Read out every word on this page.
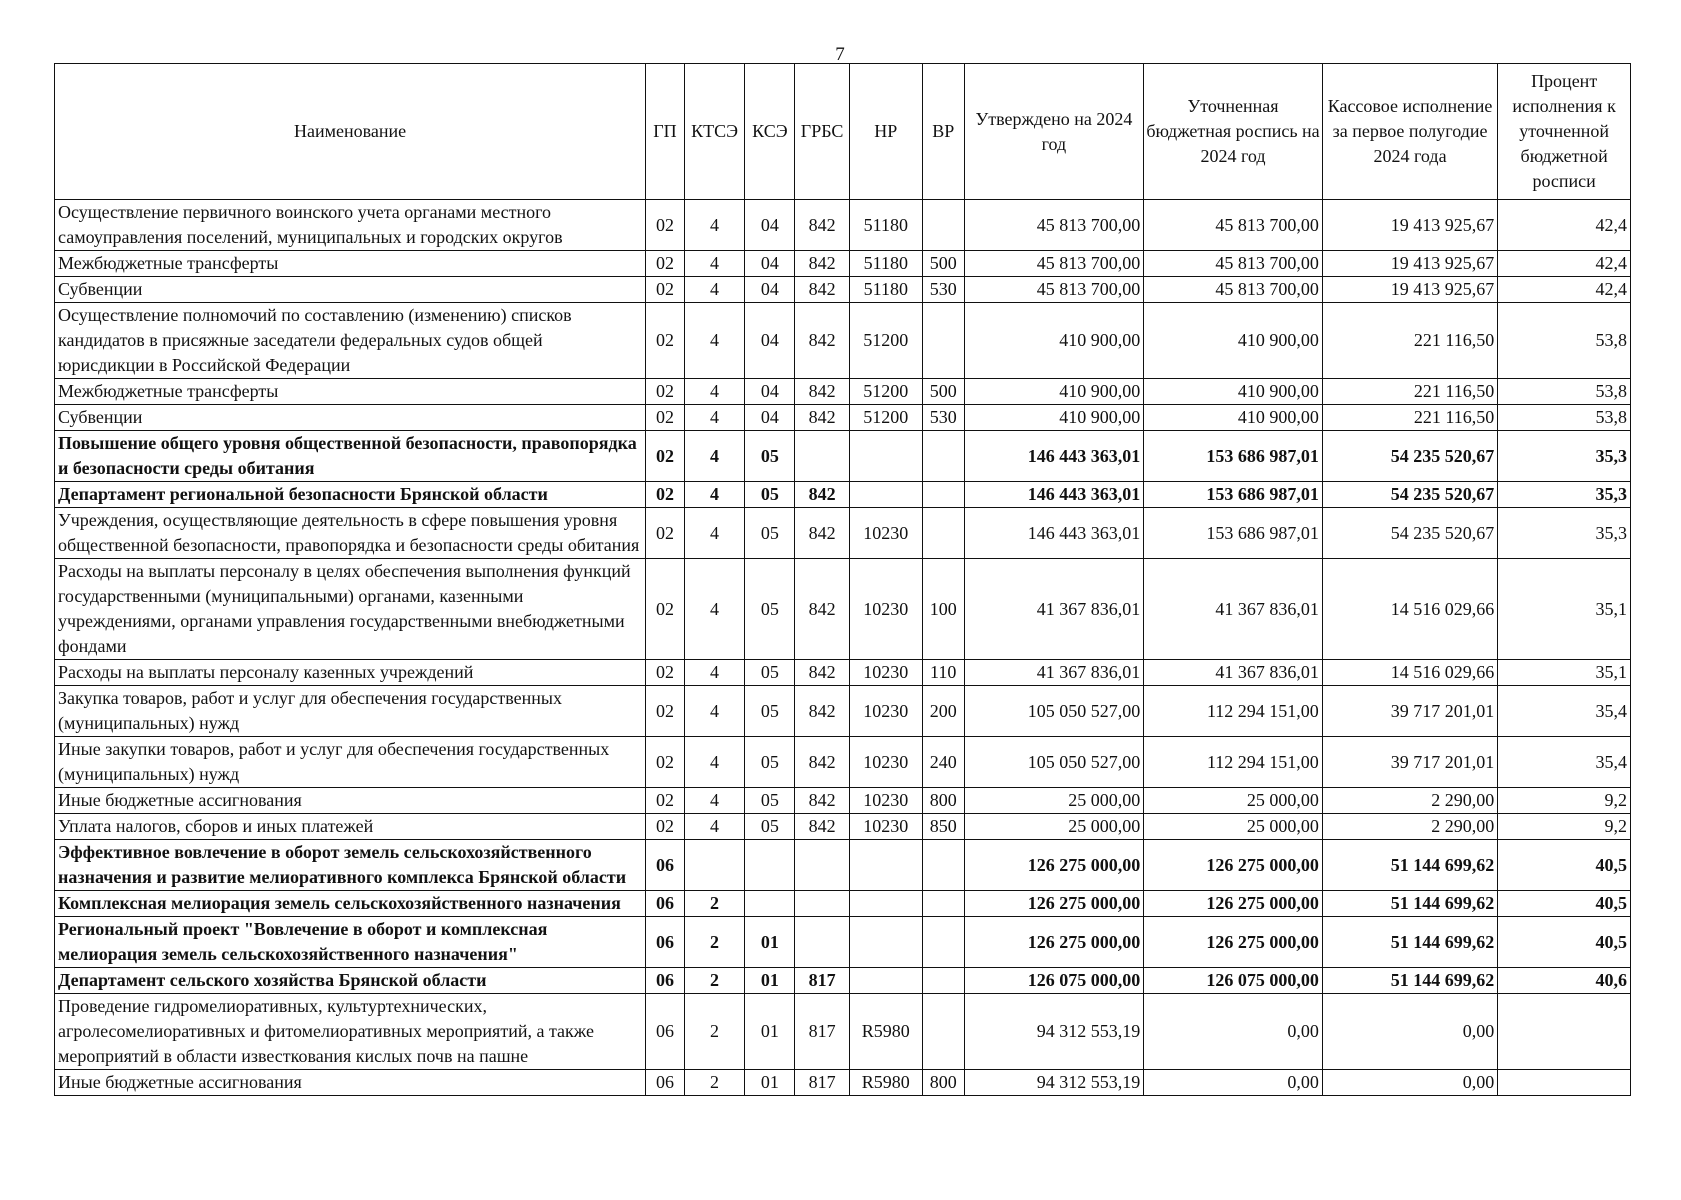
7
Наименование	ГП	КТСЭ	КСЭ	ГРБС	НР	ВР	Утверждено на 2024 год	Уточненная бюджетная роспись на 2024 год	Кассовое исполнение за первое полугодие 2024 года	Процент исполнения к уточненной бюджетной росписи
Осуществление первичного воинского учета органами местного самоуправления поселений, муниципальных и городских округов	02	4	04	842	51180		45 813 700,00	45 813 700,00	19 413 925,67	42,4
Межбюджетные трансферты	02	4	04	842	51180	500	45 813 700,00	45 813 700,00	19 413 925,67	42,4
Субвенции	02	4	04	842	51180	530	45 813 700,00	45 813 700,00	19 413 925,67	42,4
Осуществление полномочий по составлению (изменению) списков кандидатов в присяжные заседатели федеральных судов общей юрисдикции в Российской Федерации	02	4	04	842	51200		410 900,00	410 900,00	221 116,50	53,8
Межбюджетные трансферты	02	4	04	842	51200	500	410 900,00	410 900,00	221 116,50	53,8
Субвенции	02	4	04	842	51200	530	410 900,00	410 900,00	221 116,50	53,8
Повышение общего уровня общественной безопасности, правопорядка и безопасности среды обитания	02	4	05				146 443 363,01	153 686 987,01	54 235 520,67	35,3
Департамент региональной безопасности Брянской области	02	4	05	842			146 443 363,01	153 686 987,01	54 235 520,67	35,3
Учреждения, осуществляющие деятельность в сфере повышения уровня общественной безопасности, правопорядка и безопасности среды обитания	02	4	05	842	10230		146 443 363,01	153 686 987,01	54 235 520,67	35,3
Расходы на выплаты персоналу в целях обеспечения выполнения функций государственными (муниципальными) органами, казенными учреждениями, органами управления государственными внебюджетными фондами	02	4	05	842	10230	100	41 367 836,01	41 367 836,01	14 516 029,66	35,1
Расходы на выплаты персоналу казенных учреждений	02	4	05	842	10230	110	41 367 836,01	41 367 836,01	14 516 029,66	35,1
Закупка товаров, работ и услуг для обеспечения государственных (муниципальных) нужд	02	4	05	842	10230	200	105 050 527,00	112 294 151,00	39 717 201,01	35,4
Иные закупки товаров, работ и услуг для обеспечения государственных (муниципальных) нужд	02	4	05	842	10230	240	105 050 527,00	112 294 151,00	39 717 201,01	35,4
Иные бюджетные ассигнования	02	4	05	842	10230	800	25 000,00	25 000,00	2 290,00	9,2
Уплата налогов, сборов и иных платежей	02	4	05	842	10230	850	25 000,00	25 000,00	2 290,00	9,2
Эффективное вовлечение в оборот земель сельскохозяйственного назначения и развитие мелиоративного комплекса Брянской области	06						126 275 000,00	126 275 000,00	51 144 699,62	40,5
Комплексная мелиорация земель сельскохозяйственного назначения	06	2					126 275 000,00	126 275 000,00	51 144 699,62	40,5
Региональный проект "Вовлечение в оборот и комплексная мелиорация земель сельскохозяйственного назначения"	06	2	01				126 275 000,00	126 275 000,00	51 144 699,62	40,5
Департамент сельского хозяйства Брянской области	06	2	01	817			126 075 000,00	126 075 000,00	51 144 699,62	40,6
Проведение гидромелиоративных, культуртехнических, агролесомелиоративных и фитомелиоративных мероприятий, а также мероприятий в области известкования кислых почв на пашне	06	2	01	817	R5980		94 312 553,19	0,00	0,00	
Иные бюджетные ассигнования	06	2	01	817	R5980	800	94 312 553,19	0,00	0,00	
